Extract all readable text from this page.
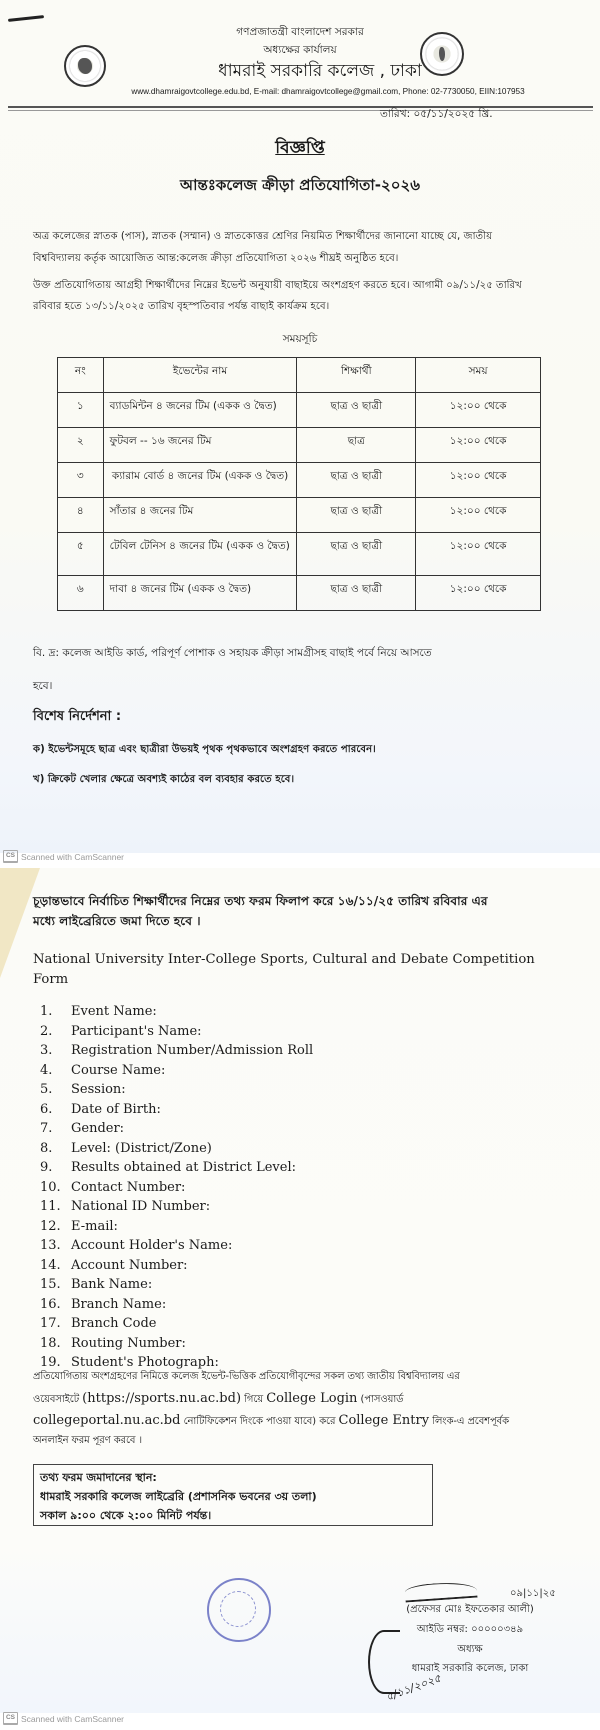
গণপ্রজাতন্ত্রী বাংলাদেশ সরকার
অধ্যক্ষের কার্যালয়
ধামরাই সরকারি কলেজ , ঢাকা
www.dhamraigovtcollege.edu.bd, E-mail: dhamraigovtcollege@gmail.com, Phone: 02-7730050, EIIN:107953
তারিখ: ০৫/১১/২০২৫ খ্রি.
বিজ্ঞপ্তি
আন্তঃকলেজ ক্রীড়া প্রতিযোগিতা-২০২৬
অত্র কলেজের স্নাতক (পাস), স্নাতক (সম্মান) ও স্নাতকোত্তর শ্রেণির নিয়মিত শিক্ষার্থীদের জানানো যাচ্ছে যে, জাতীয়
বিশ্ববিদ্যালয় কর্তৃক আয়োজিত আন্ত:কলেজ ক্রীড়া প্রতিযোগিতা ২০২৬ শীঘ্রই অনুষ্ঠিত হবে।
উক্ত প্রতিযোগিতায় আগ্রহী শিক্ষার্থীদের নিম্নের ইভেন্ট অনুযায়ী বাছাইয়ে অংশগ্রহণ করতে হবে। আগামী ০৯/১১/২৫ তারিখ
রবিবার হতে ১৩/১১/২০২৫ তারিখ বৃহস্পতিবার পর্যন্ত বাছাই কার্যক্রম হবে।
সময়সূচি
নং	ইভেন্টের নাম	শিক্ষার্থী	সময়
১	ব্যাডমিন্টন ৪ জনের টিম (একক ও দ্বৈত)	ছাত্র ও ছাত্রী	১২:০০ থেকে
২	ফুটবল -- ১৬ জনের টিম	ছাত্র	১২:০০ থেকে
৩	ক্যারাম বোর্ড ৪ জনের টিম (একক ও দ্বৈত)	ছাত্র ও ছাত্রী	১২:০০ থেকে
৪	সাঁতার ৪ জনের টিম	ছাত্র ও ছাত্রী	১২:০০ থেকে
৫	টেবিল টেনিস ৪ জনের টিম (একক ও দ্বৈত)	ছাত্র ও ছাত্রী	১২:০০ থেকে
৬	দাবা ৪ জনের টিম (একক ও দ্বৈত)	ছাত্র ও ছাত্রী	১২:০০ থেকে
বি. দ্র: কলেজ আইডি কার্ড, পরিপূর্ণ পোশাক ও সহায়ক ক্রীড়া সামগ্রীসহ বাছাই পর্বে নিয়ে আসতে
হবে।
বিশেষ নির্দেশনা :
ক) ইভেন্টসমূহে ছাত্র এবং ছাত্রীরা উভয়ই পৃথক পৃথকভাবে অংশগ্রহণ করতে পারবেন।
খ) ক্রিকেট খেলার ক্ষেত্রে অবশ্যই কাঠের বল ব্যবহার করতে হবে।
CS Scanned with CamScanner
চূড়ান্তভাবে নির্বাচিত শিক্ষার্থীদের নিম্নের তথ্য ফরম ফিলাপ করে ১৬/১১/২৫ তারিখ রবিবার এর
মধ্যে লাইব্রেরিতে জমা দিতে হবে ।
National University Inter-College Sports, Cultural and Debate Competition
Form
1.	Event Name:
2.	Participant's Name:
3.	Registration Number/Admission Roll
4.	Course Name:
5.	Session:
6.	Date of Birth:
7.	Gender:
8.	Level: (District/Zone)
9.	Results obtained at District Level:
10. Contact Number:
11. National ID Number:
12. E-mail:
13. Account Holder's Name:
14. Account Number:
15. Bank Name:
16. Branch Name:
17. Branch Code
18. Routing Number:
19. Student's Photograph:
প্রতিযোগিতায় অংশগ্রহণের নিমিত্তে কলেজ ইভেন্ট-ভিত্তিক প্রতিযোগীবৃন্দের সকল তথ্য জাতীয় বিশ্ববিদ্যালয় এর
ওয়েবসাইটে (https://sports.nu.ac.bd) গিয়ে College Login (পাসওয়ার্ড
collegeportal.nu.ac.bd নোটিফিকেশন দিংকে পাওয়া যাবে) করে College Entry লিংক-এ প্রবেশপূর্বক
অনলাইন ফরম পূরণ করবে ।
তথ্য ফরম জমাদানের স্থান:
ধামরাই সরকারি কলেজ লাইব্রেরি (প্রশাসনিক ভবনের ৩য় তলা)
সকাল ৯:০০ থেকে ২:০০ মিনিট পর্যন্ত।
০৯|১১|২৫
(প্রফেসর মোঃ ইফতেকার আলী)
আইডি নম্বর: ০০০০০৩৪৯
অধ্যক্ষ
ধামরাই সরকারি কলেজ, ঢাকা
৫/১১/২০২৫
CS Scanned with CamScanner
